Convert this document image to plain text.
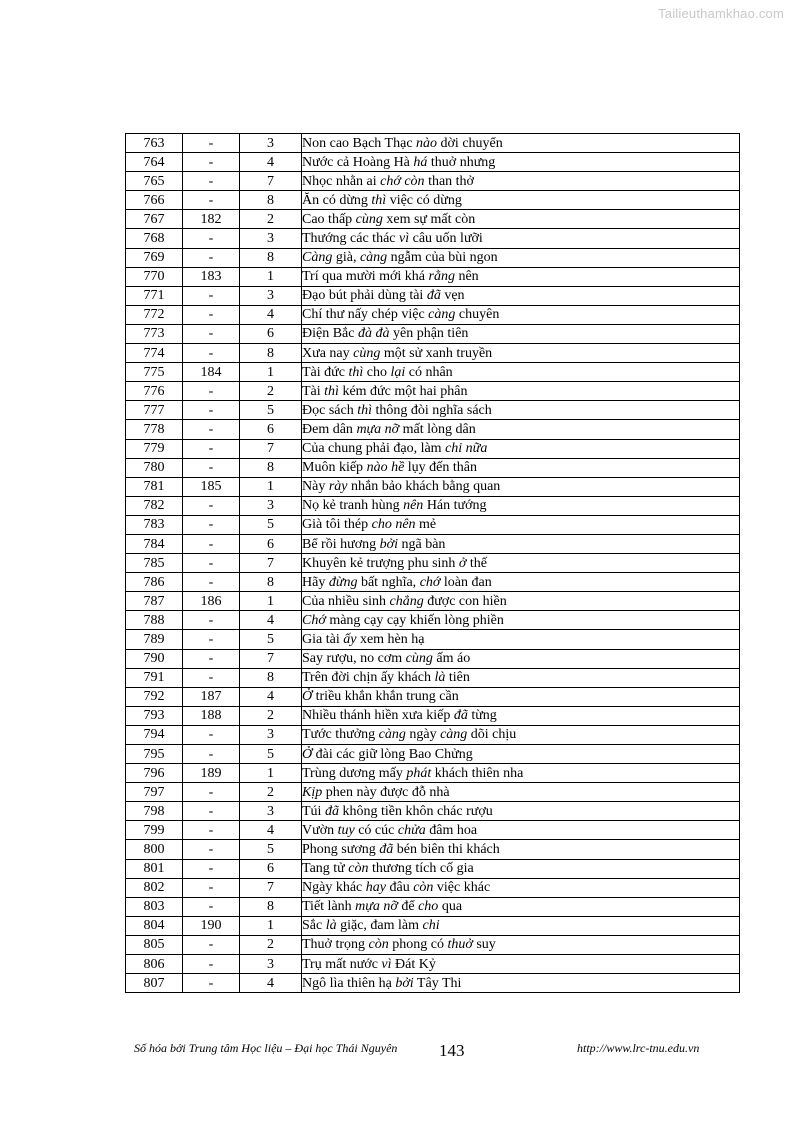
Tailieuthamkhao.com
763	-	3	Non cao Bạch Thạc nào dời chuyển
764	-	4	Nước cả Hoàng Hà há thuở nhưng
765	-	7	Nhọc nhằn ai chớ còn than thở
766	-	8	Ăn có dừng thì việc có dừng
767	182	2	Cao thấp cùng xem sự mất còn
768	-	3	Thướng các thác vì câu uốn lưỡi
769	-	8	Càng già, càng ngẫm của bùi ngon
770	183	1	Trí qua mười mới khá rằng nên
771	-	3	Đạo bút phải dùng tài đã vẹn
772	-	4	Chí thư nấy chép việc càng chuyên
773	-	6	Điện Bắc đà đà yên phận tiên
774	-	8	Xưa nay cùng một sử xanh truyền
775	184	1	Tài đức thì cho lại có nhân
776	-	2	Tài thì kém đức một hai phân
777	-	5	Đọc sách thì thông đòi nghĩa sách
778	-	6	Đem dân mựa nỡ mất lòng dân
779	-	7	Của chung phải đạo, làm chi nữa
780	-	8	Muôn kiếp nào hề lụy đến thân
781	185	1	Này rày nhắn bảo khách bằng quan
782	-	3	Nọ kẻ tranh hùng nên Hán tướng
783	-	5	Già tôi thép cho nên mẻ
784	-	6	Bể rồi hương bởi ngã bàn
785	-	7	Khuyên kẻ trượng phu sinh ở thế
786	-	8	Hãy đừng bất nghĩa, chớ loàn đan
787	186	1	Của nhiều sinh chẳng được con hiền
788	-	4	Chớ màng cạy cạy khiến lòng phiền
789	-	5	Gia tài ấy xem hèn hạ
790	-	7	Say rượu, no cơm cùng ấm áo
791	-	8	Trên đời chịn ấy khách là tiên
792	187	4	Ở triều khắn khắn trung cần
793	188	2	Nhiều thánh hiền xưa kiếp đã từng
794	-	3	Tước thưởng càng ngày càng dõi chịu
795	-	5	Ở đài các giữ lòng Bao Chửng
796	189	1	Trùng dương mấy phát khách thiên nha
797	-	2	Kịp phen này được đỗ nhà
798	-	3	Túi đã không tiền khôn chác rượu
799	-	4	Vườn tuy có cúc chửa đâm hoa
800	-	5	Phong sương đã bén biên thi khách
801	-	6	Tang tử còn thương tích cố gia
802	-	7	Ngày khác hay đâu còn việc khác
803	-	8	Tiết lành mựa nỡ để cho qua
804	190	1	Sắc là giặc, đam làm chi
805	-	2	Thuở trọng còn phong có thuở suy
806	-	3	Trụ mất nước vì Đát Kỷ
807	-	4	Ngô lìa thiên hạ bởi Tây Thi
Số hóa bởi Trung tâm Học liệu – Đại học Thái Nguyên 143	http://www.lrc-tnu.edu.vn
